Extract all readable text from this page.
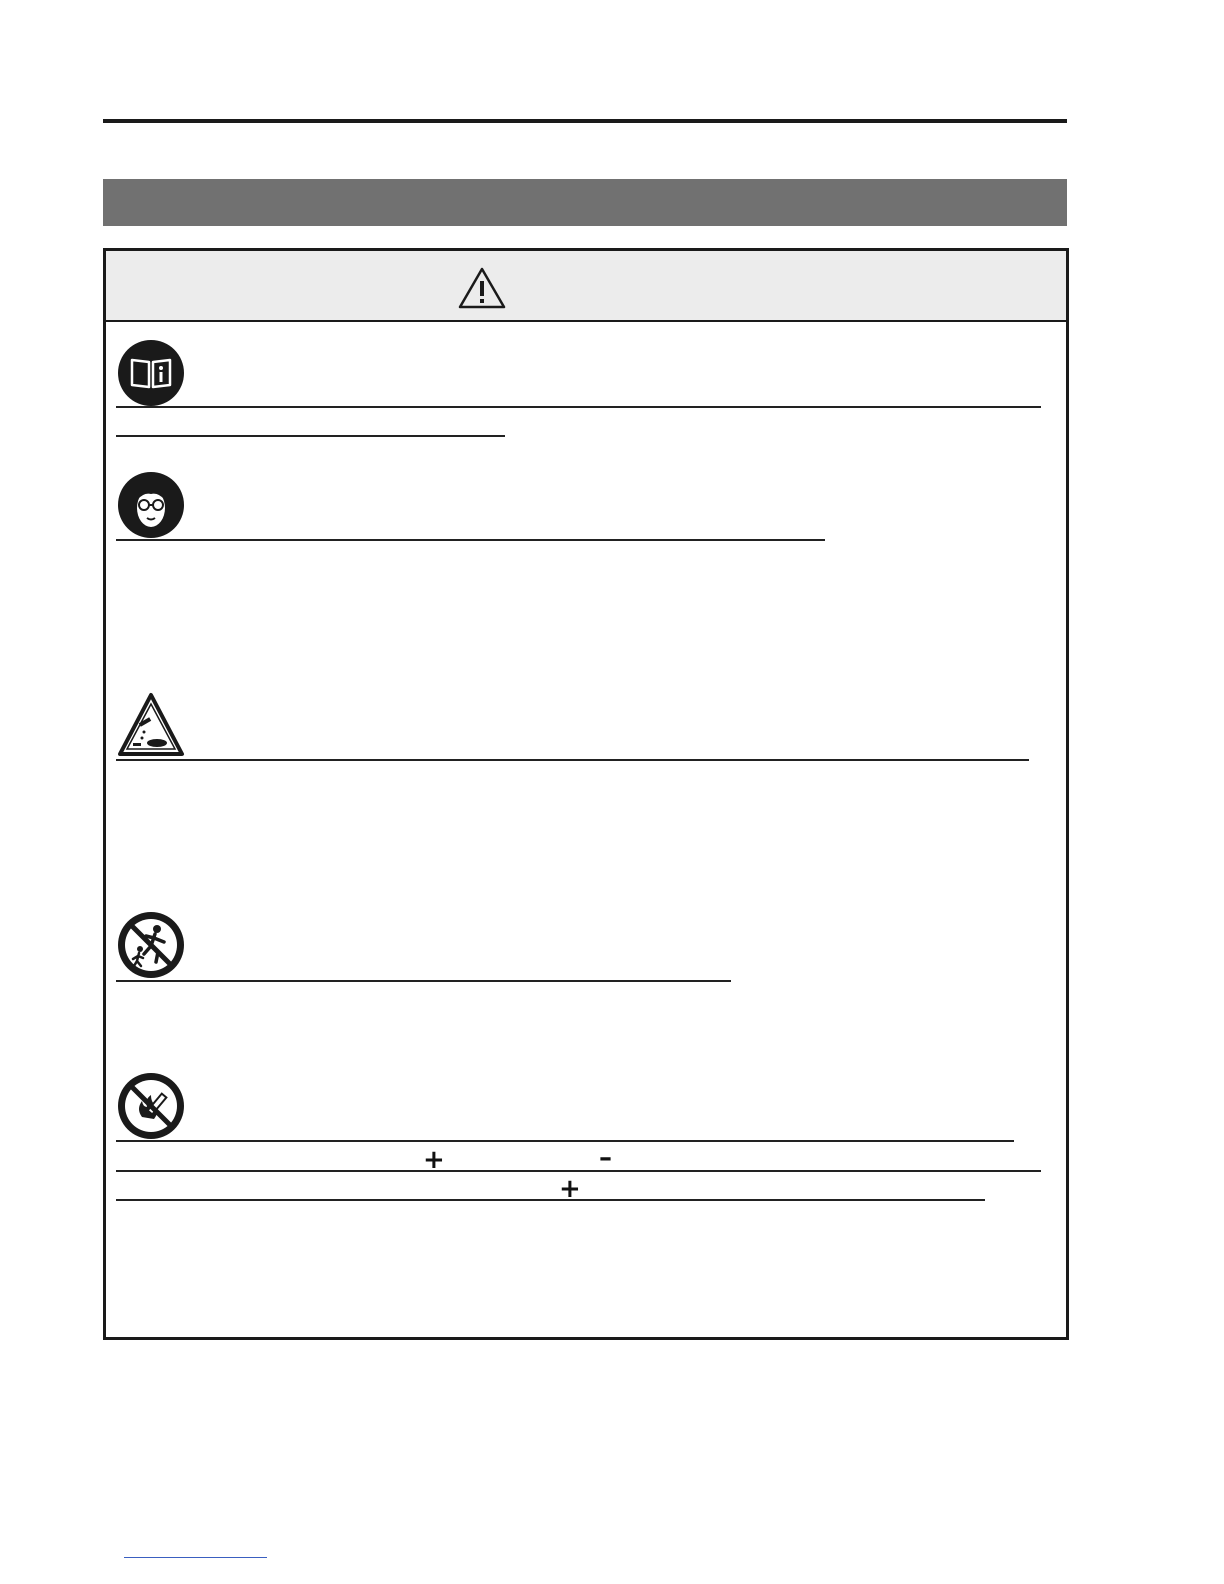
+	–
+
